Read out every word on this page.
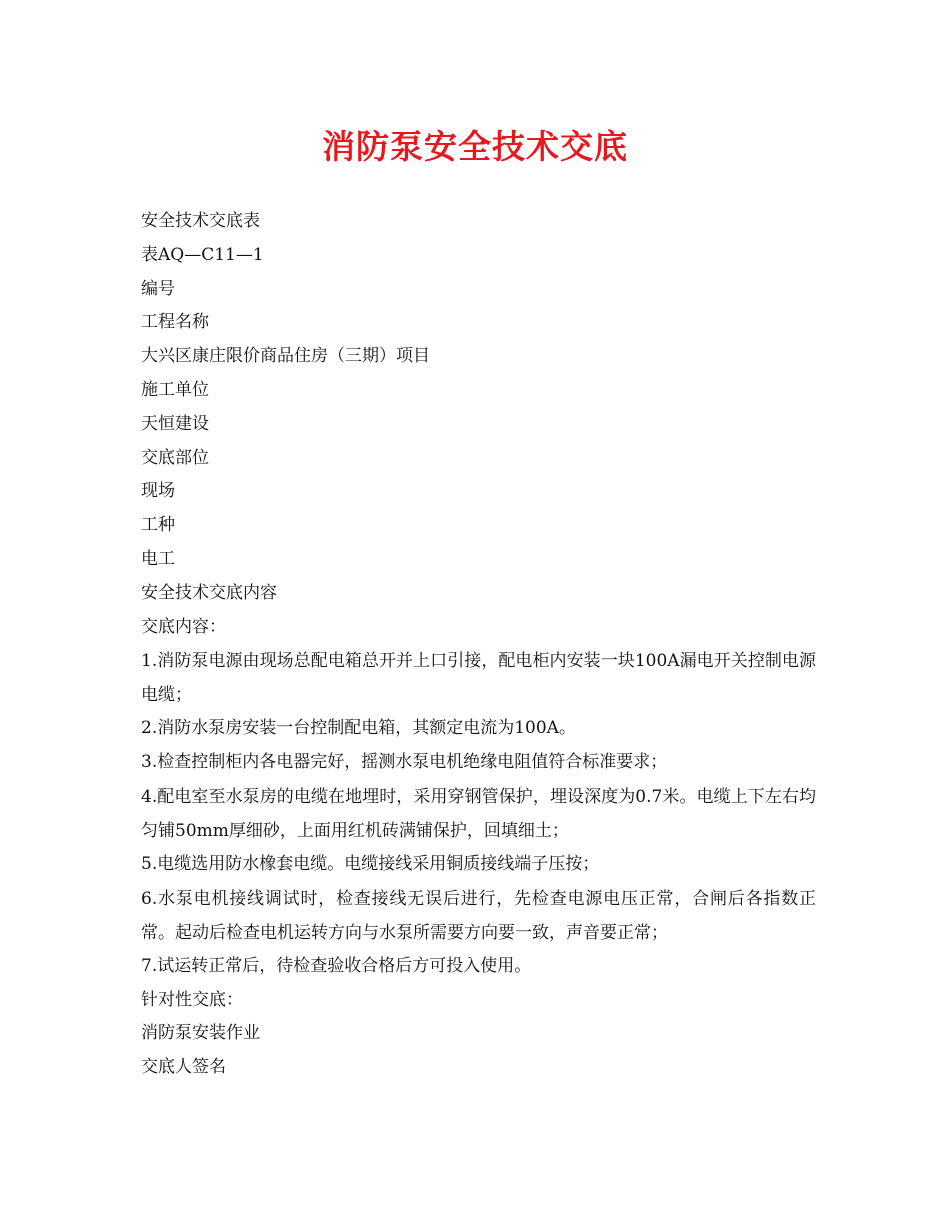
消防泵安全技术交底
安全技术交底表
表AQ—C11—1
编号
工程名称
大兴区康庄限价商品住房（三期）项目
施工单位
天恒建设
交底部位
现场
工种
电工
安全技术交底内容
交底内容：
1.消防泵电源由现场总配电箱总开并上口引接，配电柜内安装一块100A漏电开关控制电源电缆；
2.消防水泵房安装一台控制配电箱，其额定电流为100A。
3.检查控制柜内各电器完好，摇测水泵电机绝缘电阻值符合标准要求；
4.配电室至水泵房的电缆在地埋时，采用穿钢管保护，埋设深度为0.7米。电缆上下左右均匀铺50mm厚细砂，上面用红机砖满铺保护，回填细土；
5.电缆选用防水橡套电缆。电缆接线采用铜质接线端子压按；
6.水泵电机接线调试时，检查接线无误后进行，先检查电源电压正常，合闸后各指数正常。起动后检查电机运转方向与水泵所需要方向要一致，声音要正常；
7.试运转正常后，待检查验收合格后方可投入使用。
针对性交底：
消防泵安装作业
交底人签名
